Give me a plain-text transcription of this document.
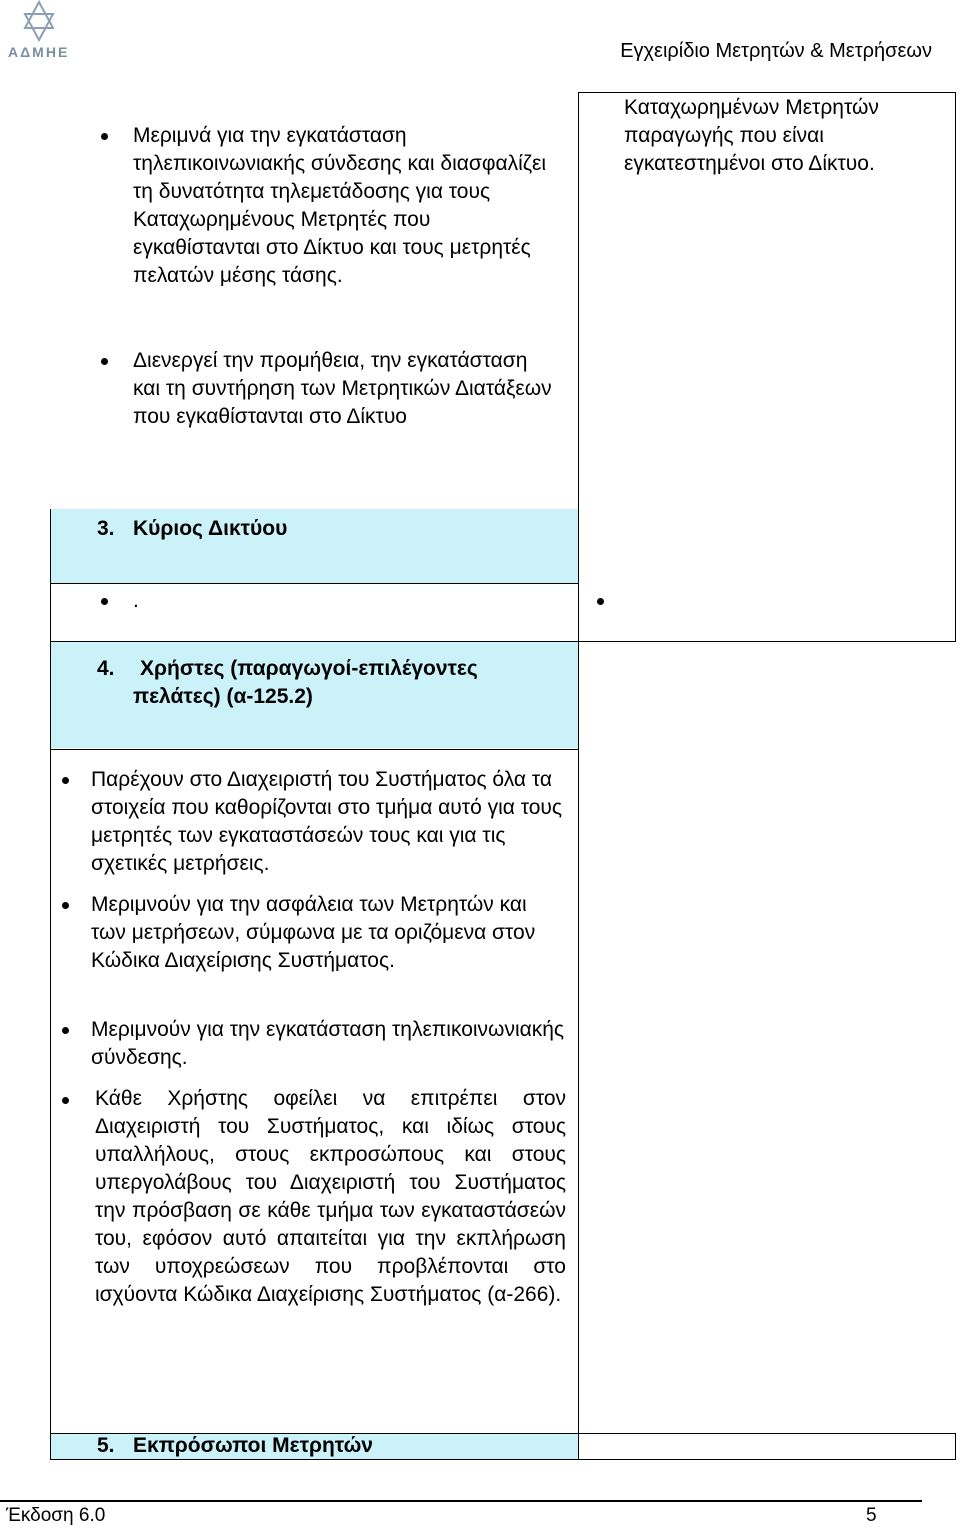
ΑΔΜΗΕ	Εγχειρίδιο Μετρητών & Μετρήσεων
Μεριμνά για την εγκατάσταση τηλεπικοινωνιακής σύνδεσης και διασφαλίζει τη δυνατότητα τηλεμετάδοσης για τους Καταχωρημένους Μετρητές που εγκαθίστανται στο Δίκτυο και τους μετρητές πελατών μέσης τάσης.
Διενεργεί την προμήθεια, την εγκατάσταση και τη συντήρηση των Μετρητικών Διατάξεων που εγκαθίστανται στο Δίκτυο
Καταχωρημένων Μετρητών παραγωγής που είναι εγκατεστημένοι στο Δίκτυο.
3. Κύριος Δικτύου
.
4. Χρήστες (παραγωγοί-επιλέγοντες
πελάτες) (α-125.2)
Παρέχουν στο Διαχειριστή του Συστήματος όλα τα στοιχεία που καθορίζονται στο τμήμα αυτό για τους μετρητές των εγκαταστάσεών τους και για τις σχετικές μετρήσεις.
Μεριμνούν για την ασφάλεια των Μετρητών και των μετρήσεων, σύμφωνα με τα οριζόμενα στον Κώδικα Διαχείρισης Συστήματος.
Μεριμνούν για την εγκατάσταση τηλεπικοινωνιακής σύνδεσης.
Κάθε Χρήστης οφείλει να επιτρέπει στον Διαχειριστή του Συστήματος, και ιδίως στους υπαλλήλους, στους εκπροσώπους και στους υπεργολάβους του Διαχειριστή του Συστήματος την πρόσβαση σε κάθε τμήμα των εγκαταστάσεών του, εφόσον αυτό απαιτείται για την εκπλήρωση των υποχρεώσεων που προβλέπονται στο ισχύοντα Κώδικα Διαχείρισης Συστήματος (α-266).
5. Εκπρόσωποι Μετρητών
Έκδοση 6.0	5
